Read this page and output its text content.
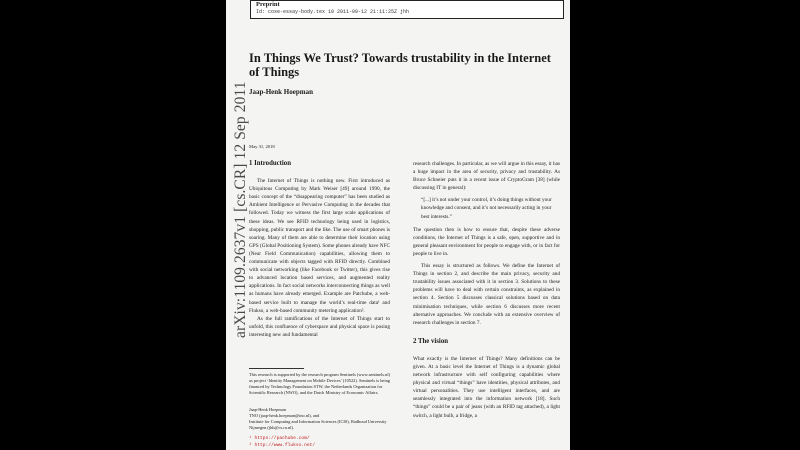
Preprint
Id: cose-essay-body.tex 10 2011-09-12 21:11:25Z jhh
In Things We Trust? Towards trustability in the Internet of Things
Jaap-Henk Hoepman
May 31, 2018
1 Introduction

The Internet of Things is nothing new. First introduced as Ubiquitous Computing by Mark Weiser [49] around 1990, the basic concept of the “disappearing computer” has been studied as Ambient Intelligence or Pervasive Computing in the decades that followed. Today we witness the first large scale applications of these ideas. We see RFID technology being used in logistics, shopping, public transport and the like. The use of smart phones is soaring. Many of them are able to determine their location using GPS (Global Positioning System). Some phones already have NFC (Near Field Communication) capabilities, allowing them to communicate with objects tagged with RFID directly. Combined with social networking (like Facebook or Twitter), this gives rise to advanced location based services, and augmented reality applications. In fact social networks interconnecting things as well as humans have already emerged. Example are Patchube, a web-based service built to manage the world’s real-time data¹ and Flukso, a web-based community metering application².

As the full ramifications of the Internet of Things start to unfold, this confluence of cyberspace and physical space is posing interesting new and fundamental

This research is supported by the research program Sentinels (www.sentinels.nl) as project ‘Identity Management on Mobile Devices’ (10522). Sentinels is being financed by Technology Foundation STW, the Netherlands Organization for Scientific Research (NWO), and the Dutch Ministry of Economic Affairs.
Jaap-Henk Hoepman
TNO (jaap-henk.hoepman@tno.nl), and
Institute for Computing and Information Sciences (ICIS), Radboud University Nijmegen (jhh@cs.ru.nl).
¹ https://pachube.com/
² http://www.flukso.net/

research challenges. In particular, as we will argue in this essay, it has a huge impact in the area of security, privacy and trustability. As Bruce Schneier puts it in a recent issue of CryptoGram [38] (while discussing IT in general):

“[...] it’s not under your control, it’s doing things without your knowledge and consent, and it’s not necessarily acting in your best interests.”

The question then is how to ensure that, despite these adverse conditions, the Internet of Things is a safe, open, supportive and in general pleasant environment for people to engage with, or in fact for people to live in.

This essay is structured as follows. We define the Internet of Things in section 2, and describe the main privacy, security and trustability issues associated with it in section 3. Solutions to these problems will have to deal with certain constraints, as explained in section 4. Section 5 discusses classical solutions based on data minimisation techniques, while section 6 discusses more recent alternative approaches. We conclude with an extensive overview of research challenges in section 7.

2 The vision

What exactly is the Internet of Things? Many definitions can be given. At a basic level the Internet of Things is a dynamic global network infrastructure with self configuring capabilities where physical and virtual “things” have identities, physical attributes, and virtual personalities. They use intelligent interfaces, and are seamlessly integrated into the information network [18]. Such “things” could be a pair of jeans (with an RFID tag attached), a light switch, a light bulb, a fridge, a

arXiv:1109.2637v1 [cs.CR] 12 Sep 2011
